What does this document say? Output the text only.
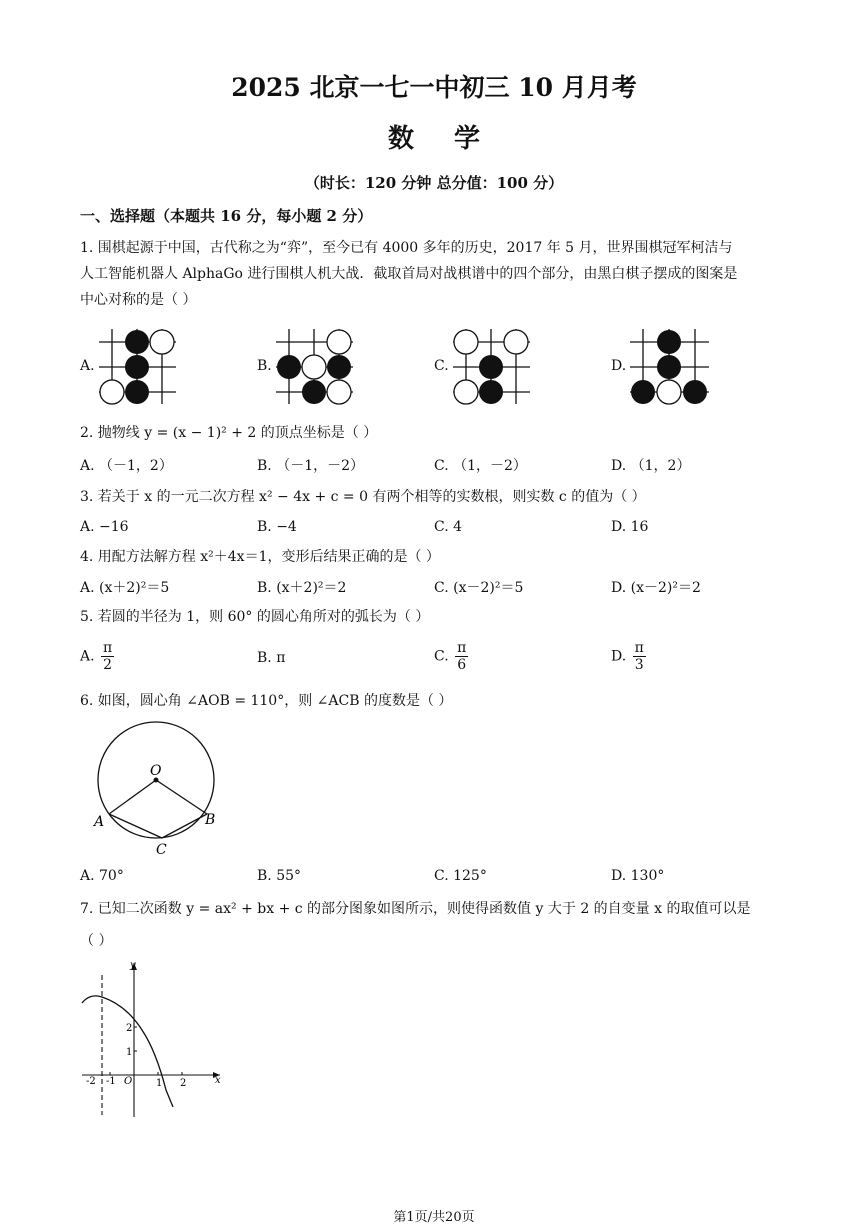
2025 北京一七一中初三 10 月月考
数学
（时长：120 分钟 总分值：100 分）
一、选择题（本题共 16 分，每小题 2 分）
1. 围棋起源于中国，古代称之为“弈”，至今已有 4000 多年的历史，2017 年 5 月，世界围棋冠军柯洁与
人工智能机器人 AlphaGo 进行围棋人机大战．截取首局对战棋谱中的四个部分，由黑白棋子摆成的图案是
中心对称的是（ ）
A.	B.	C.	D.
2. 抛物线 y = (x − 1)² + 2 的顶点坐标是（ ）
A. （－1，2）	B. （－1，－2）	C. （1，－2）	D. （1，2）
3. 若关于 x 的一元二次方程 x² − 4x + c = 0 有两个相等的实数根，则实数 c 的值为（ ）
A. −16	B. −4	C. 4	D. 16
4. 用配方法解方程 x²＋4x＝1，变形后结果正确的是（ ）
A. (x＋2)²＝5	B. (x＋2)²＝2	C. (x－2)²＝5	D. (x－2)²＝2
5. 若圆的半径为 1，则 60° 的圆心角所对的弧长为（ ）
A. $\frac{\pi}{2}$	B. π	C. $\frac{\pi}{6}$	D. $\frac{\pi}{3}$
6. 如图，圆心角 ∠AOB = 110°，则 ∠ACB 的度数是（ ）
O
A	B
C
A. 70°	B. 55°	C. 125°	D. 130°
7. 已知二次函数 y = ax² + bx + c 的部分图象如图所示，则使得函数值 y 大于 2 的自变量 x 的取值可以是
（ ）
y
x
O
2
1
-2 -1	1 2
第1页/共20页
